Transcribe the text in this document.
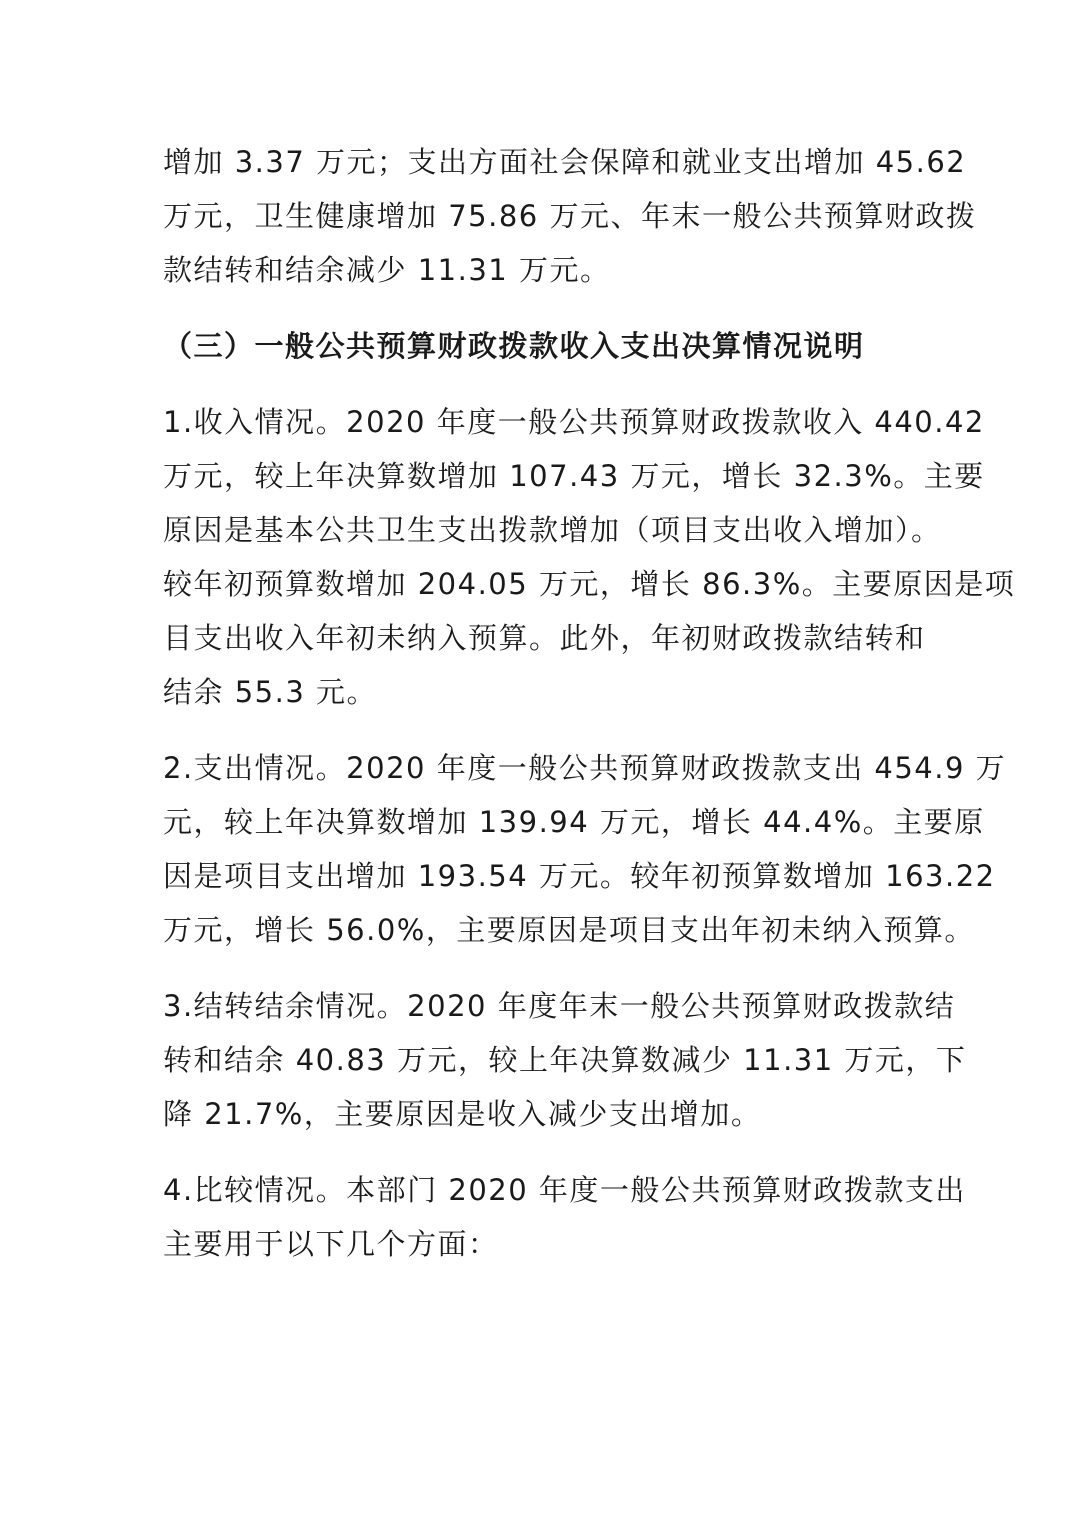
增加 3.37 万元；支出方面社会保障和就业支出增加 45.62
万元，卫生健康增加 75.86 万元、年末一般公共预算财政拨
款结转和结余减少 11.31 万元。
（三）一般公共预算财政拨款收入支出决算情况说明
1.收入情况。2020 年度一般公共预算财政拨款收入 440.42
万元，较上年决算数增加 107.43 万元，增长 32.3%。主要
原因是基本公共卫生支出拨款增加（项目支出收入增加）。
较年初预算数增加 204.05 万元，增长 86.3%。主要原因是项
目支出收入年初未纳入预算。此外，年初财政拨款结转和
结余 55.3 元。
2.支出情况。2020 年度一般公共预算财政拨款支出 454.9 万
元，较上年决算数增加 139.94 万元，增长 44.4%。主要原
因是项目支出增加 193.54 万元。较年初预算数增加 163.22
万元，增长 56.0%，主要原因是项目支出年初未纳入预算。
3.结转结余情况。2020 年度年末一般公共预算财政拨款结
转和结余 40.83 万元，较上年决算数减少 11.31 万元，下
降 21.7%，主要原因是收入减少支出增加。
4.比较情况。本部门 2020 年度一般公共预算财政拨款支出
主要用于以下几个方面：
